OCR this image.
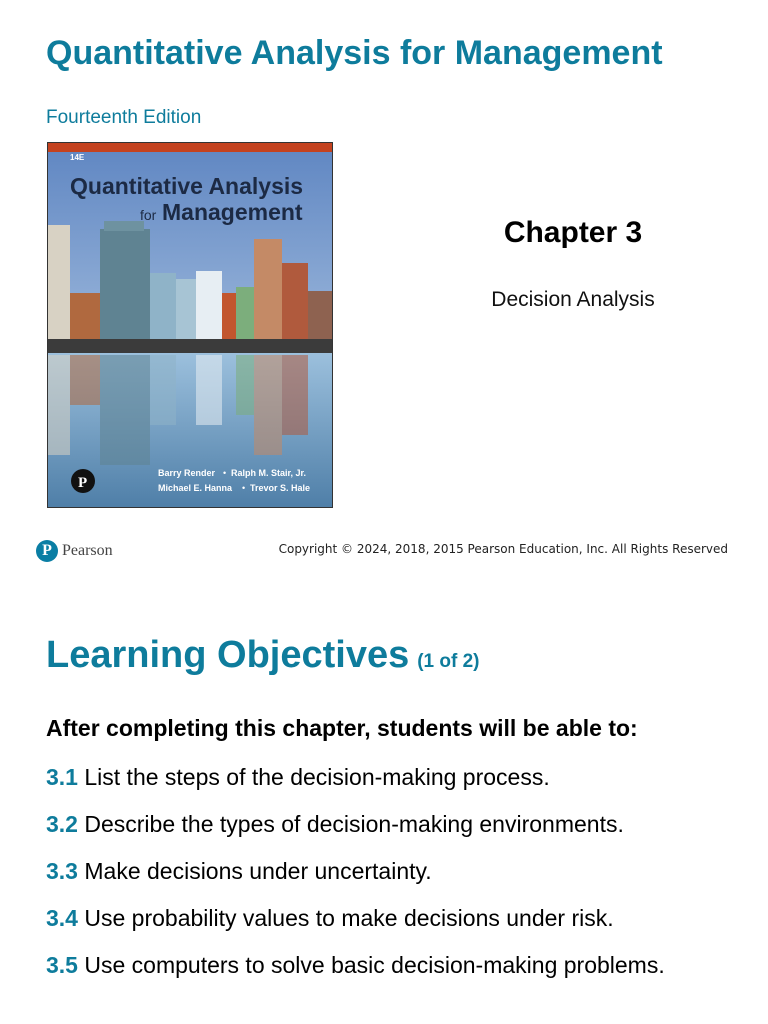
Quantitative Analysis for Management
Fourteenth Edition
14E
Quantitative Analysis
for Management
P
Barry Render • Ralph M. Stair, Jr.
Michael E. Hanna • Trevor S. Hale
Chapter 3
Decision Analysis
P Pearson	Copyright © 2024, 2018, 2015 Pearson Education, Inc. All Rights Reserved
Learning Objectives (1 of 2)
After completing this chapter, students will be able to:
3.1 List the steps of the decision-making process.
3.2 Describe the types of decision-making environments.
3.3 Make decisions under uncertainty.
3.4 Use probability values to make decisions under risk.
3.5 Use computers to solve basic decision-making problems.
